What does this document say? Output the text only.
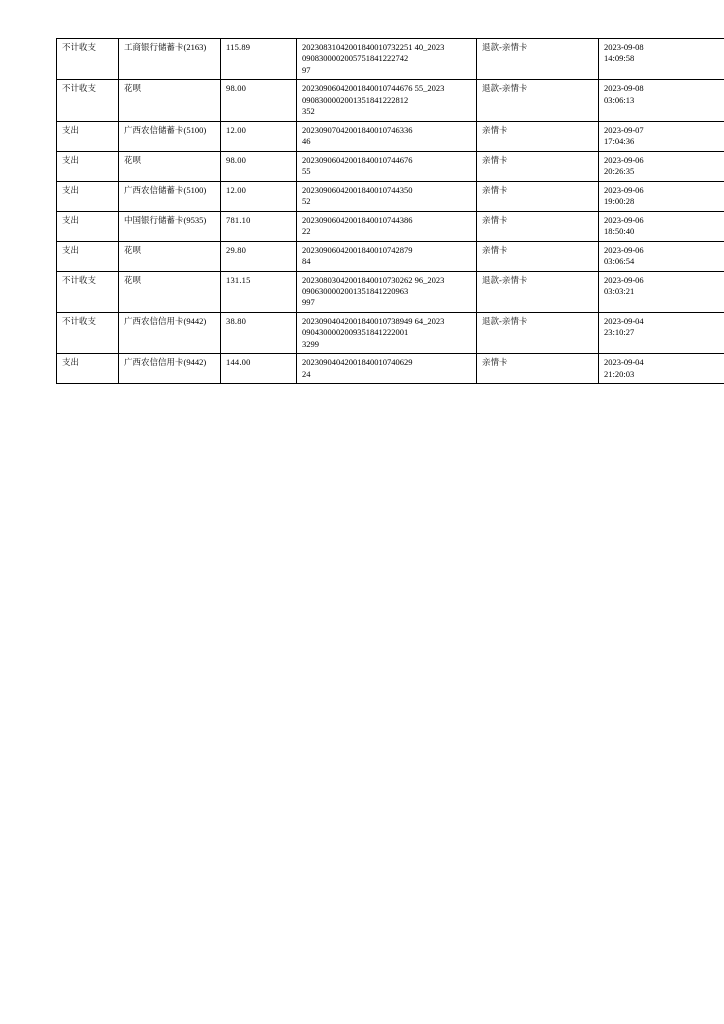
不计收支	工商银行储蓄卡(2163)	115.89	20230831042001840010732251 40_2023
0908300002005751841222742
97	退款-亲情卡	2023-09-08
14:09:58

不计收支	花呗	98.00	20230906042001840010744676 55_2023
0908300002001351841222812
352	退款-亲情卡	2023-09-08
03:06:13

支出	广西农信储蓄卡(5100)	12.00	20230907042001840010746336
46	亲情卡	2023-09-07
17:04:36

支出	花呗	98.00	20230906042001840010744676
55	亲情卡	2023-09-06
20:26:35

支出	广西农信储蓄卡(5100)	12.00	20230906042001840010744350
52	亲情卡	2023-09-06
19:00:28

支出	中国银行储蓄卡(9535)	781.10	20230906042001840010744386
22	亲情卡	2023-09-06
18:50:40

支出	花呗	29.80	20230906042001840010742879
84	亲情卡	2023-09-06
03:06:54

不计收支	花呗	131.15	20230803042001840010730262 96_2023
0906300002001351841220963
997	退款-亲情卡	2023-09-06
03:03:21

不计收支	广西农信信用卡(9442)	38.80	20230904042001840010738949 64_2023
0904300002009351841222001
3299	退款-亲情卡	2023-09-04
23:10:27

支出	广西农信信用卡(9442)	144.00	20230904042001840010740629
24	亲情卡	2023-09-04
21:20:03
